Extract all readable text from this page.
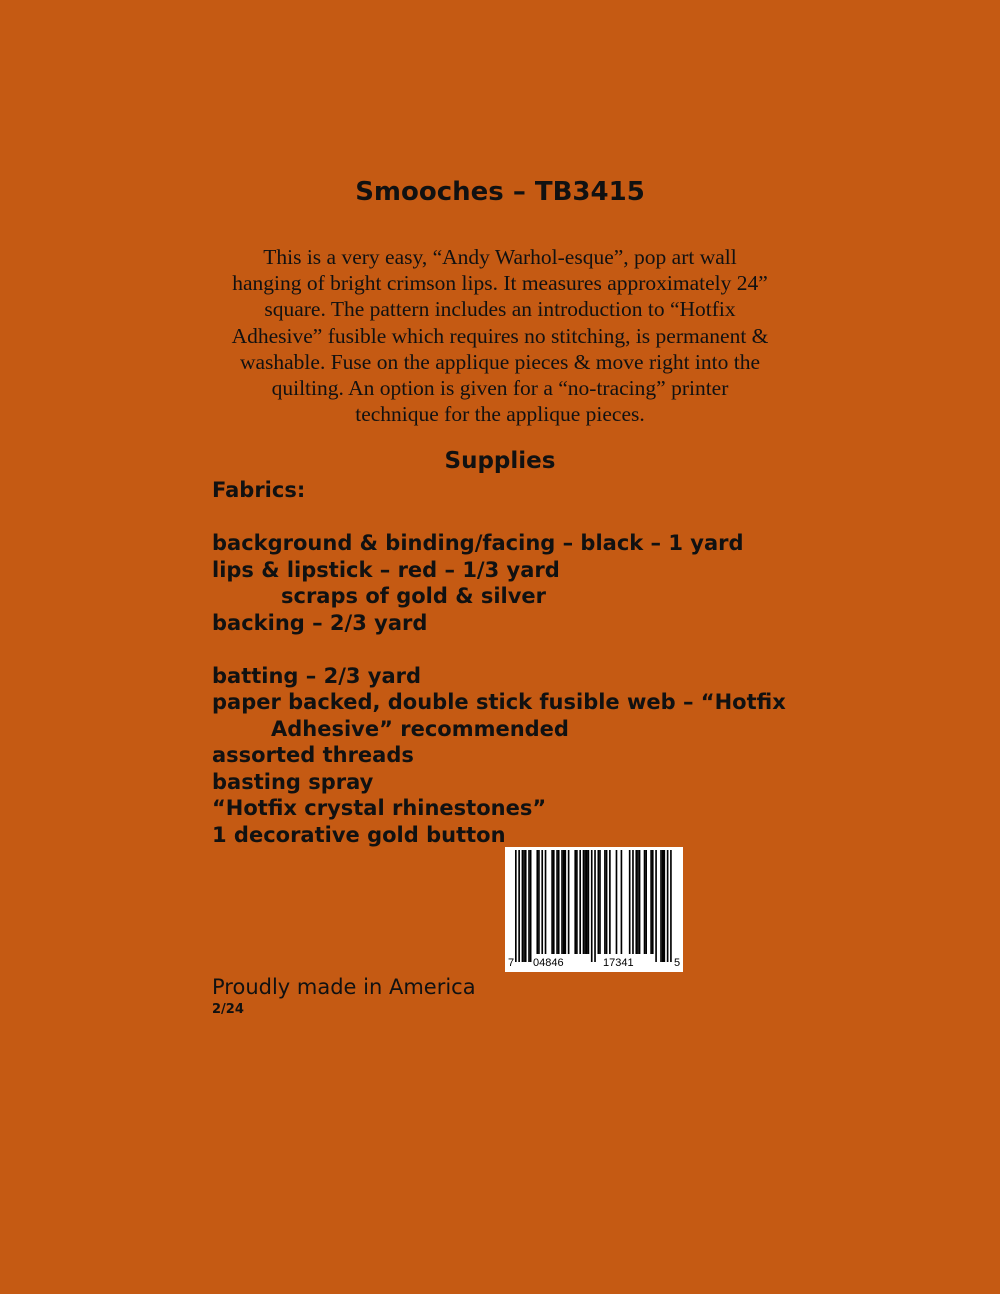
Smooches – TB3415
This is a very easy, “Andy Warhol-esque”, pop art wall
hanging of bright crimson lips. It measures approximately 24”
square. The pattern includes an introduction to “Hotfix
Adhesive” fusible which requires no stitching, is permanent &
washable. Fuse on the applique pieces & move right into the
quilting. An option is given for a “no-tracing” printer
technique for the applique pieces.
Supplies
Fabrics:
background & binding/facing – black – 1 yard
lips & lipstick – red – 1/3 yard
scraps of gold & silver
backing – 2/3 yard
batting – 2/3 yard
paper backed, double stick fusible web – “Hotfix
Adhesive” recommended
assorted threads
basting spray
“Hotfix crystal rhinestones”
1 decorative gold button
7 04846	17341	5
Proudly made in America
2/24
